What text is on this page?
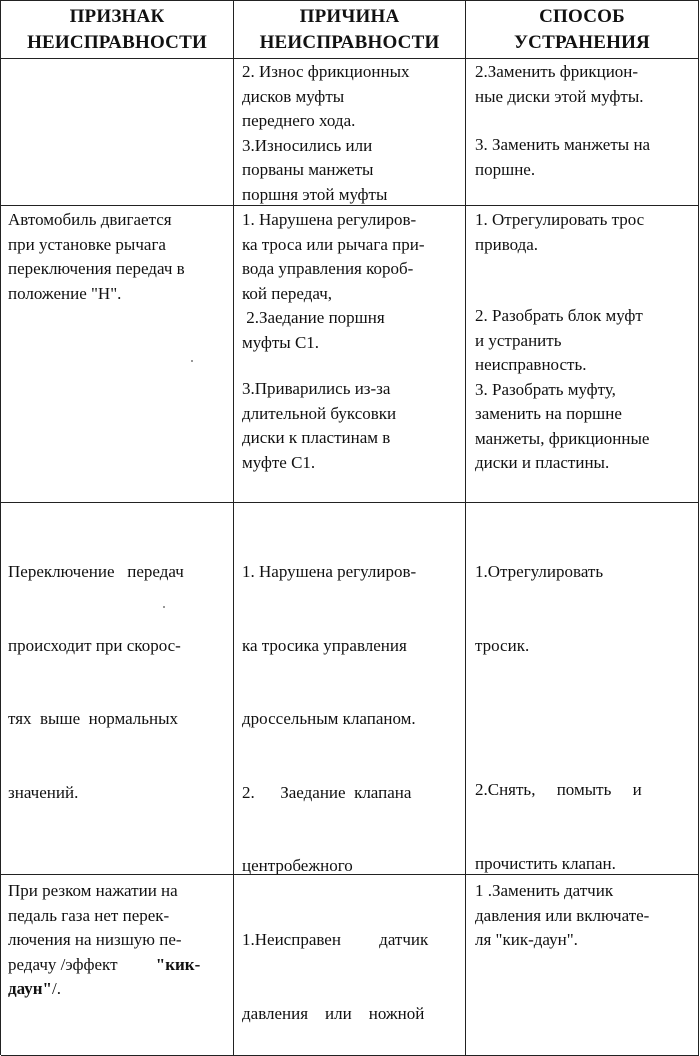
ПРИЗНАК
НЕИСПРАВНОСТИ
ПРИЧИНА
НЕИСПРАВНОСТИ
СПОСОБ
УСТРАНЕНИЯ
2. Износ фрикционных
дисков муфты
переднего хода.
3.Износились или
порваны манжеты
поршня этой муфты
2.Заменить фрикцион-
ные диски этой муфты.
3. Заменить манжеты на
поршне.
Автомобиль двигается
при установке рычага
переключения передач в
положение "Н".
1. Нарушена регулиров-
ка троса или рычага при-
вода управления короб-
кой передач,
2.Заедание поршня
муфты С1.
3.Приварились из-за
длительной буксовки
диски к пластинам в
муфте С1.
1. Отрегулировать трос
привода.
2. Разобрать блок муфт
и устранить
неисправность.
3. Разобрать муфту,
заменить на поршне
манжеты, фрикционные
диски и пластины.

Переключение   передач

происходит при скорос-

тях  выше  нормальных

значений.

1. Нарушена регулиров-

ка тросика управления

дроссельным клапаном.

2.      Заедание  клапана

центробежного

1.Отрегулировать

тросик.

2.Снять,     помыть     и

прочистить клапан.

При резком нажатии на
педаль газа нет перек-
лючения на низшую пе-
редачу /эффект "кик-
даун"/.

1.Неисправен         датчик

давления    или    ножной

1 .Заменить датчик
давления или включате-
ля "кик-даун".
